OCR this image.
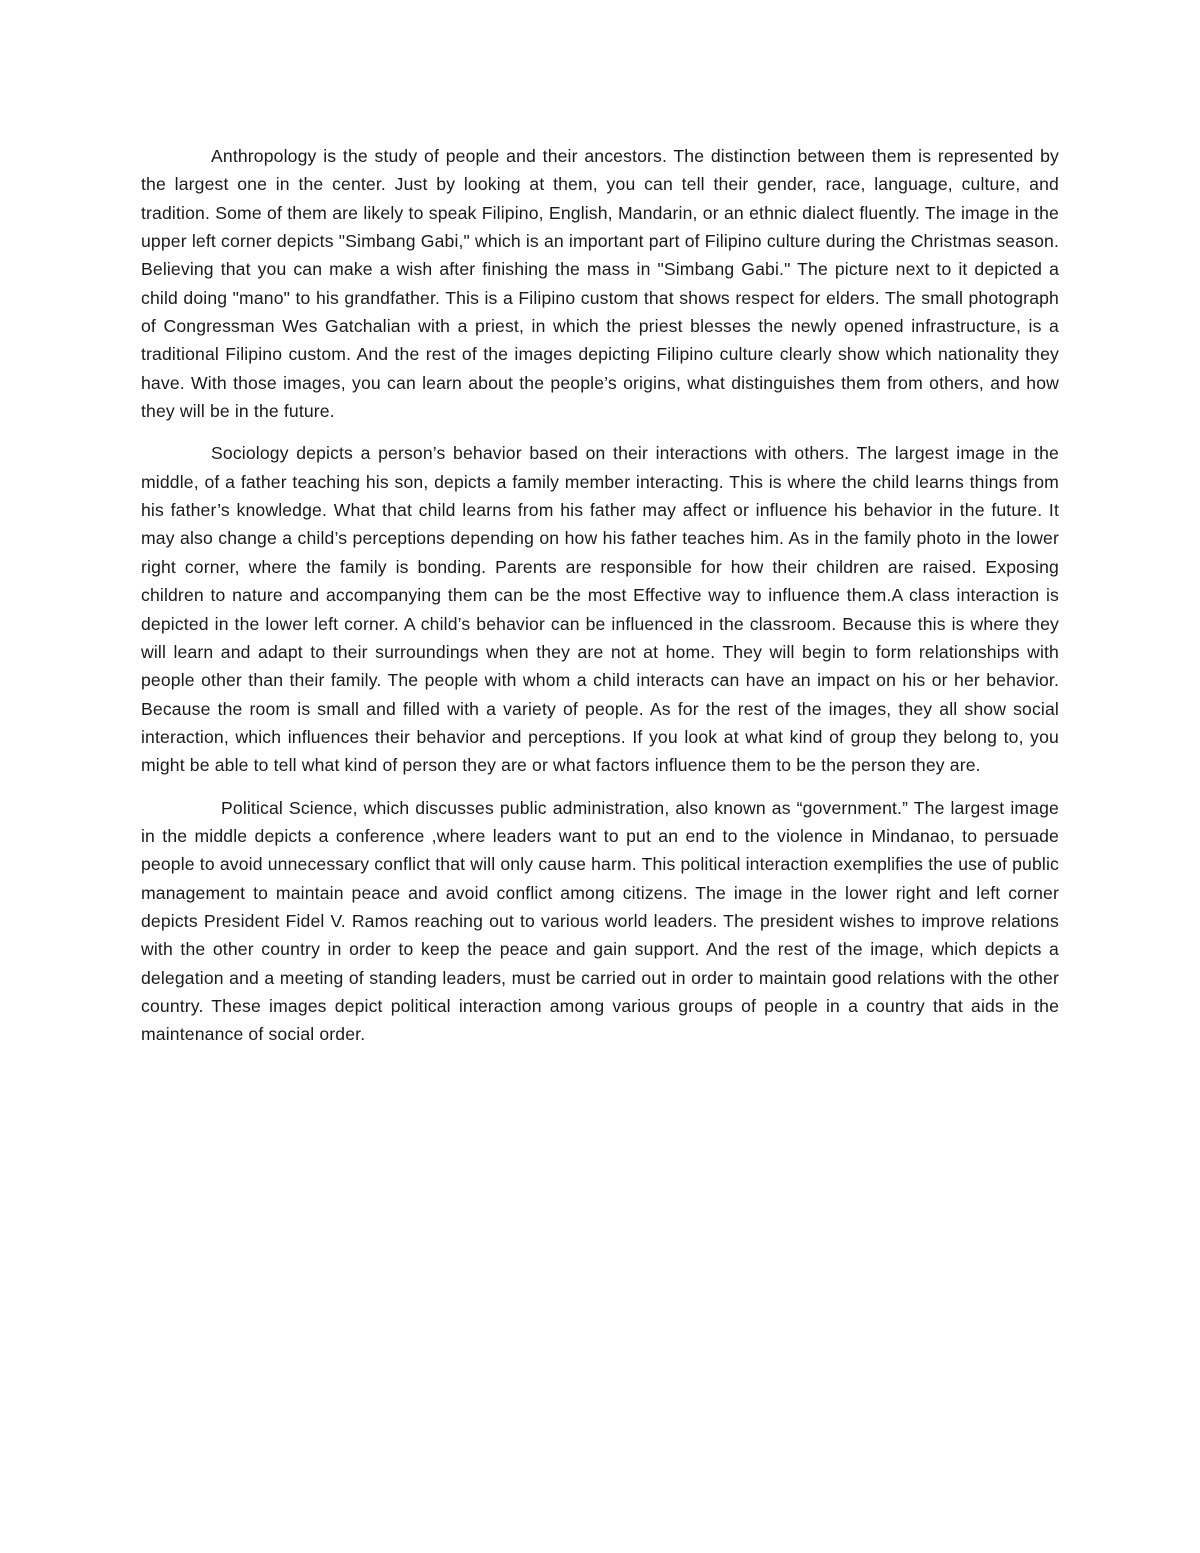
Anthropology is the study of people and their ancestors. The distinction between them is represented by the largest one in the center. Just by looking at them, you can tell their gender, race, language, culture, and tradition. Some of them are likely to speak Filipino, English, Mandarin, or an ethnic dialect fluently. The image in the upper left corner depicts "Simbang Gabi," which is an important part of Filipino culture during the Christmas season. Believing that you can make a wish after finishing the mass in "Simbang Gabi." The picture next to it depicted a child doing "mano" to his grandfather. This is a Filipino custom that shows respect for elders. The small photograph of Congressman Wes Gatchalian with a priest, in which the priest blesses the newly opened infrastructure, is a traditional Filipino custom. And the rest of the images depicting Filipino culture clearly show which nationality they have. With those images, you can learn about the people’s origins, what distinguishes them from others, and how they will be in the future.

Sociology depicts a person’s behavior based on their interactions with others. The largest image in the middle, of a father teaching his son, depicts a family member interacting. This is where the child learns things from his father’s knowledge. What that child learns from his father may affect or influence his behavior in the future. It may also change a child’s perceptions depending on how his father teaches him. As in the family photo in the lower right corner, where the family is bonding. Parents are responsible for how their children are raised. Exposing children to nature and accompanying them can be the most Effective way to influence them.A class interaction is depicted in the lower left corner. A child’s behavior can be influenced in the classroom. Because this is where they will learn and adapt to their surroundings when they are not at home. They will begin to form relationships with people other than their family. The people with whom a child interacts can have an impact on his or her behavior. Because the room is small and filled with a variety of people. As for the rest of the images, they all show social interaction, which influences their behavior and perceptions. If you look at what kind of group they belong to, you might be able to tell what kind of person they are or what factors influence them to be the person they are.

Political Science, which discusses public administration, also known as “government.” The largest image in the middle depicts a conference ,where leaders want to put an end to the violence in Mindanao, to persuade people to avoid unnecessary conflict that will only cause harm. This political interaction exemplifies the use of public management to maintain peace and avoid conflict among citizens. The image in the lower right and left corner depicts President Fidel V. Ramos reaching out to various world leaders. The president wishes to improve relations with the other country in order to keep the peace and gain support. And the rest of the image, which depicts a delegation and a meeting of standing leaders, must be carried out in order to maintain good relations with the other country. These images depict political interaction among various groups of people in a country that aids in the maintenance of social order.
